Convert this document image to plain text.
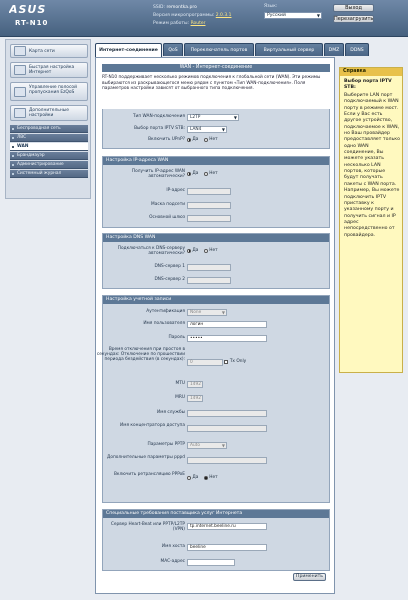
ASUS
RT-N10
SSID: remontka.pro
Версия микропрограммы: 2.0.3.1
Режим работы: Router
Язык:
Русский	▼
Выход
Перезагрузить
Карта сети
Быстрая настройка Интернет
Управление полосой пропускания EzQoS
Дополнительные настройки
Беспроводная сеть
ЛВС
WAN
Брандмауэр
Администрирование
Системный журнал
Интернет-соединение	QoS	Переключатель портов	Виртуальный сервер	DMZ	DDNS
WAN - Интернет-соединение
RT-N10 поддерживает несколько режимов подключения к глобальной сети (WAN). Эти режимы выбираются из раскрывающегося меню рядом с пунктом «Тип WAN-подключения». Поля параметров настройки зависят от выбранного типа подключения.
Тип WAN-подключения	L2TP	▼
Выбор порта IPTV STB:	LAN4	▼
Включить UPnP?	Да	Нет
Настройка IP-адреса WAN
Получить IP-адрес WAN автоматически?
Да	Нет
IP-адрес
Маска подсети
Основной шлюз
Настройка DNS WAN
Подключаться к DNS-серверу автоматически?
Да	Нет
DNS-сервер 1
DNS-сервер 2
Настройка учетной записи
Аутентификация	None	▼
Имя пользователя	логин
Пароль	•••••
Время отключения при простоя в секундах: Отключение по прошествии периода бездействия (в секундах):
0	Tx Only
MTU	1492
MRU	1492
Имя службы
Имя концентратора доступа
Параметры PPTP	Auto	▼
Дополнительные параметры pppd
Включить ретрансляцию PPPoE
Да	Нет
Специальные требования поставщика услуг Интернета
Сервер Heart-Beat или PPTP/L2TP (VPN)
tp.internet.beeline.ru
Имя хоста	beeline
MAC-адрес
Применить
Справка
Выбор порта IPTV STB:
Выберите LAN порт подключаемый к WAN порту в режиме мост. Если у Вас есть другое устройство, подключаемое к WAN, но Ваш провайдер предоставляет только одно WAN соединение, Вы можете указать несколько LAN портов, которые будут получать пакеты с WAN порта. Например, Вы можете подключить IPTV приставку к указанному порту и получить сигнал и IP адрес непосредственно от провайдера.
